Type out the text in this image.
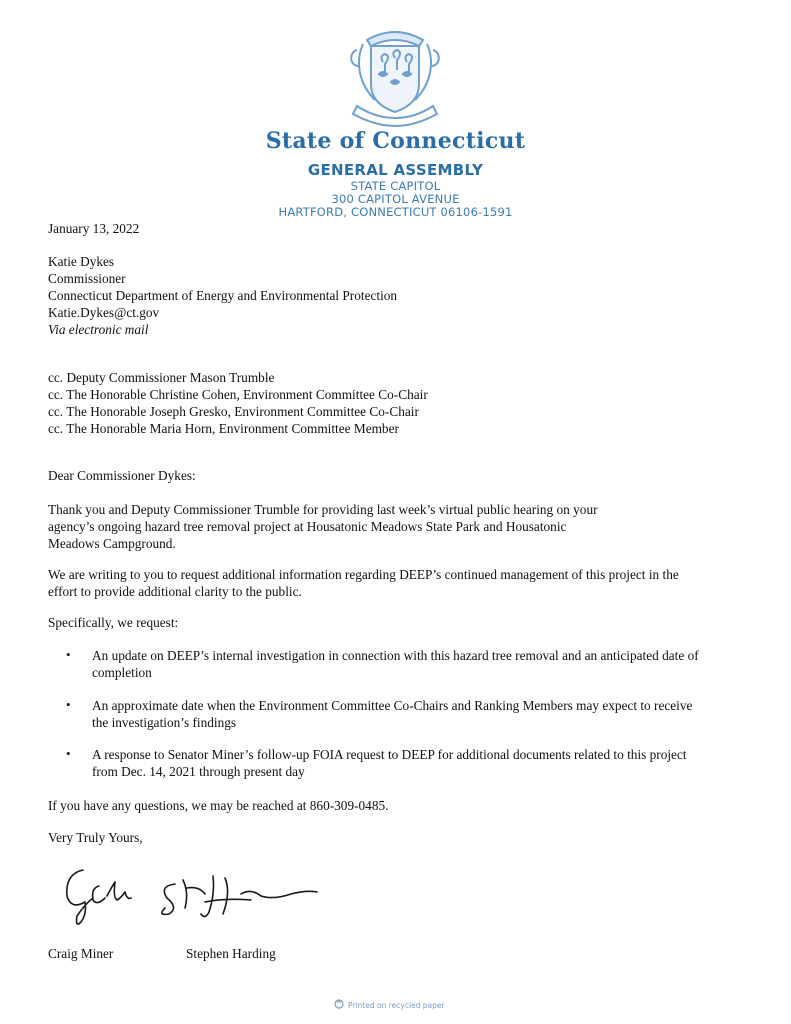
State of Connecticut
GENERAL ASSEMBLY
STATE CAPITOL
300 CAPITOL AVENUE
HARTFORD, CONNECTICUT 06106-1591
January 13, 2022
Katie Dykes
Commissioner
Connecticut Department of Energy and Environmental Protection
Katie.Dykes@ct.gov
Via electronic mail
cc. Deputy Commissioner Mason Trumble
cc. The Honorable Christine Cohen, Environment Committee Co-Chair
cc. The Honorable Joseph Gresko, Environment Committee Co-Chair
cc. The Honorable Maria Horn, Environment Committee Member
Dear Commissioner Dykes:
Thank you and Deputy Commissioner Trumble for providing last week’s virtual public hearing on your
agency’s ongoing hazard tree removal project at Housatonic Meadows State Park and Housatonic
Meadows Campground.
We are writing to you to request additional information regarding DEEP’s continued management of this project in the
effort to provide additional clarity to the public.
Specifically, we request:
• An update on DEEP’s internal investigation in connection with this hazard tree removal and an anticipated date of
completion
• An approximate date when the Environment Committee Co-Chairs and Ranking Members may expect to receive
the investigation’s findings
• A response to Senator Miner’s follow-up FOIA request to DEEP for additional documents related to this project
from Dec. 14, 2021 through present day
If you have any questions, we may be reached at 860-309-0485.
Very Truly Yours,
Craig Miner	Stephen Harding
Printed on recycled paper
